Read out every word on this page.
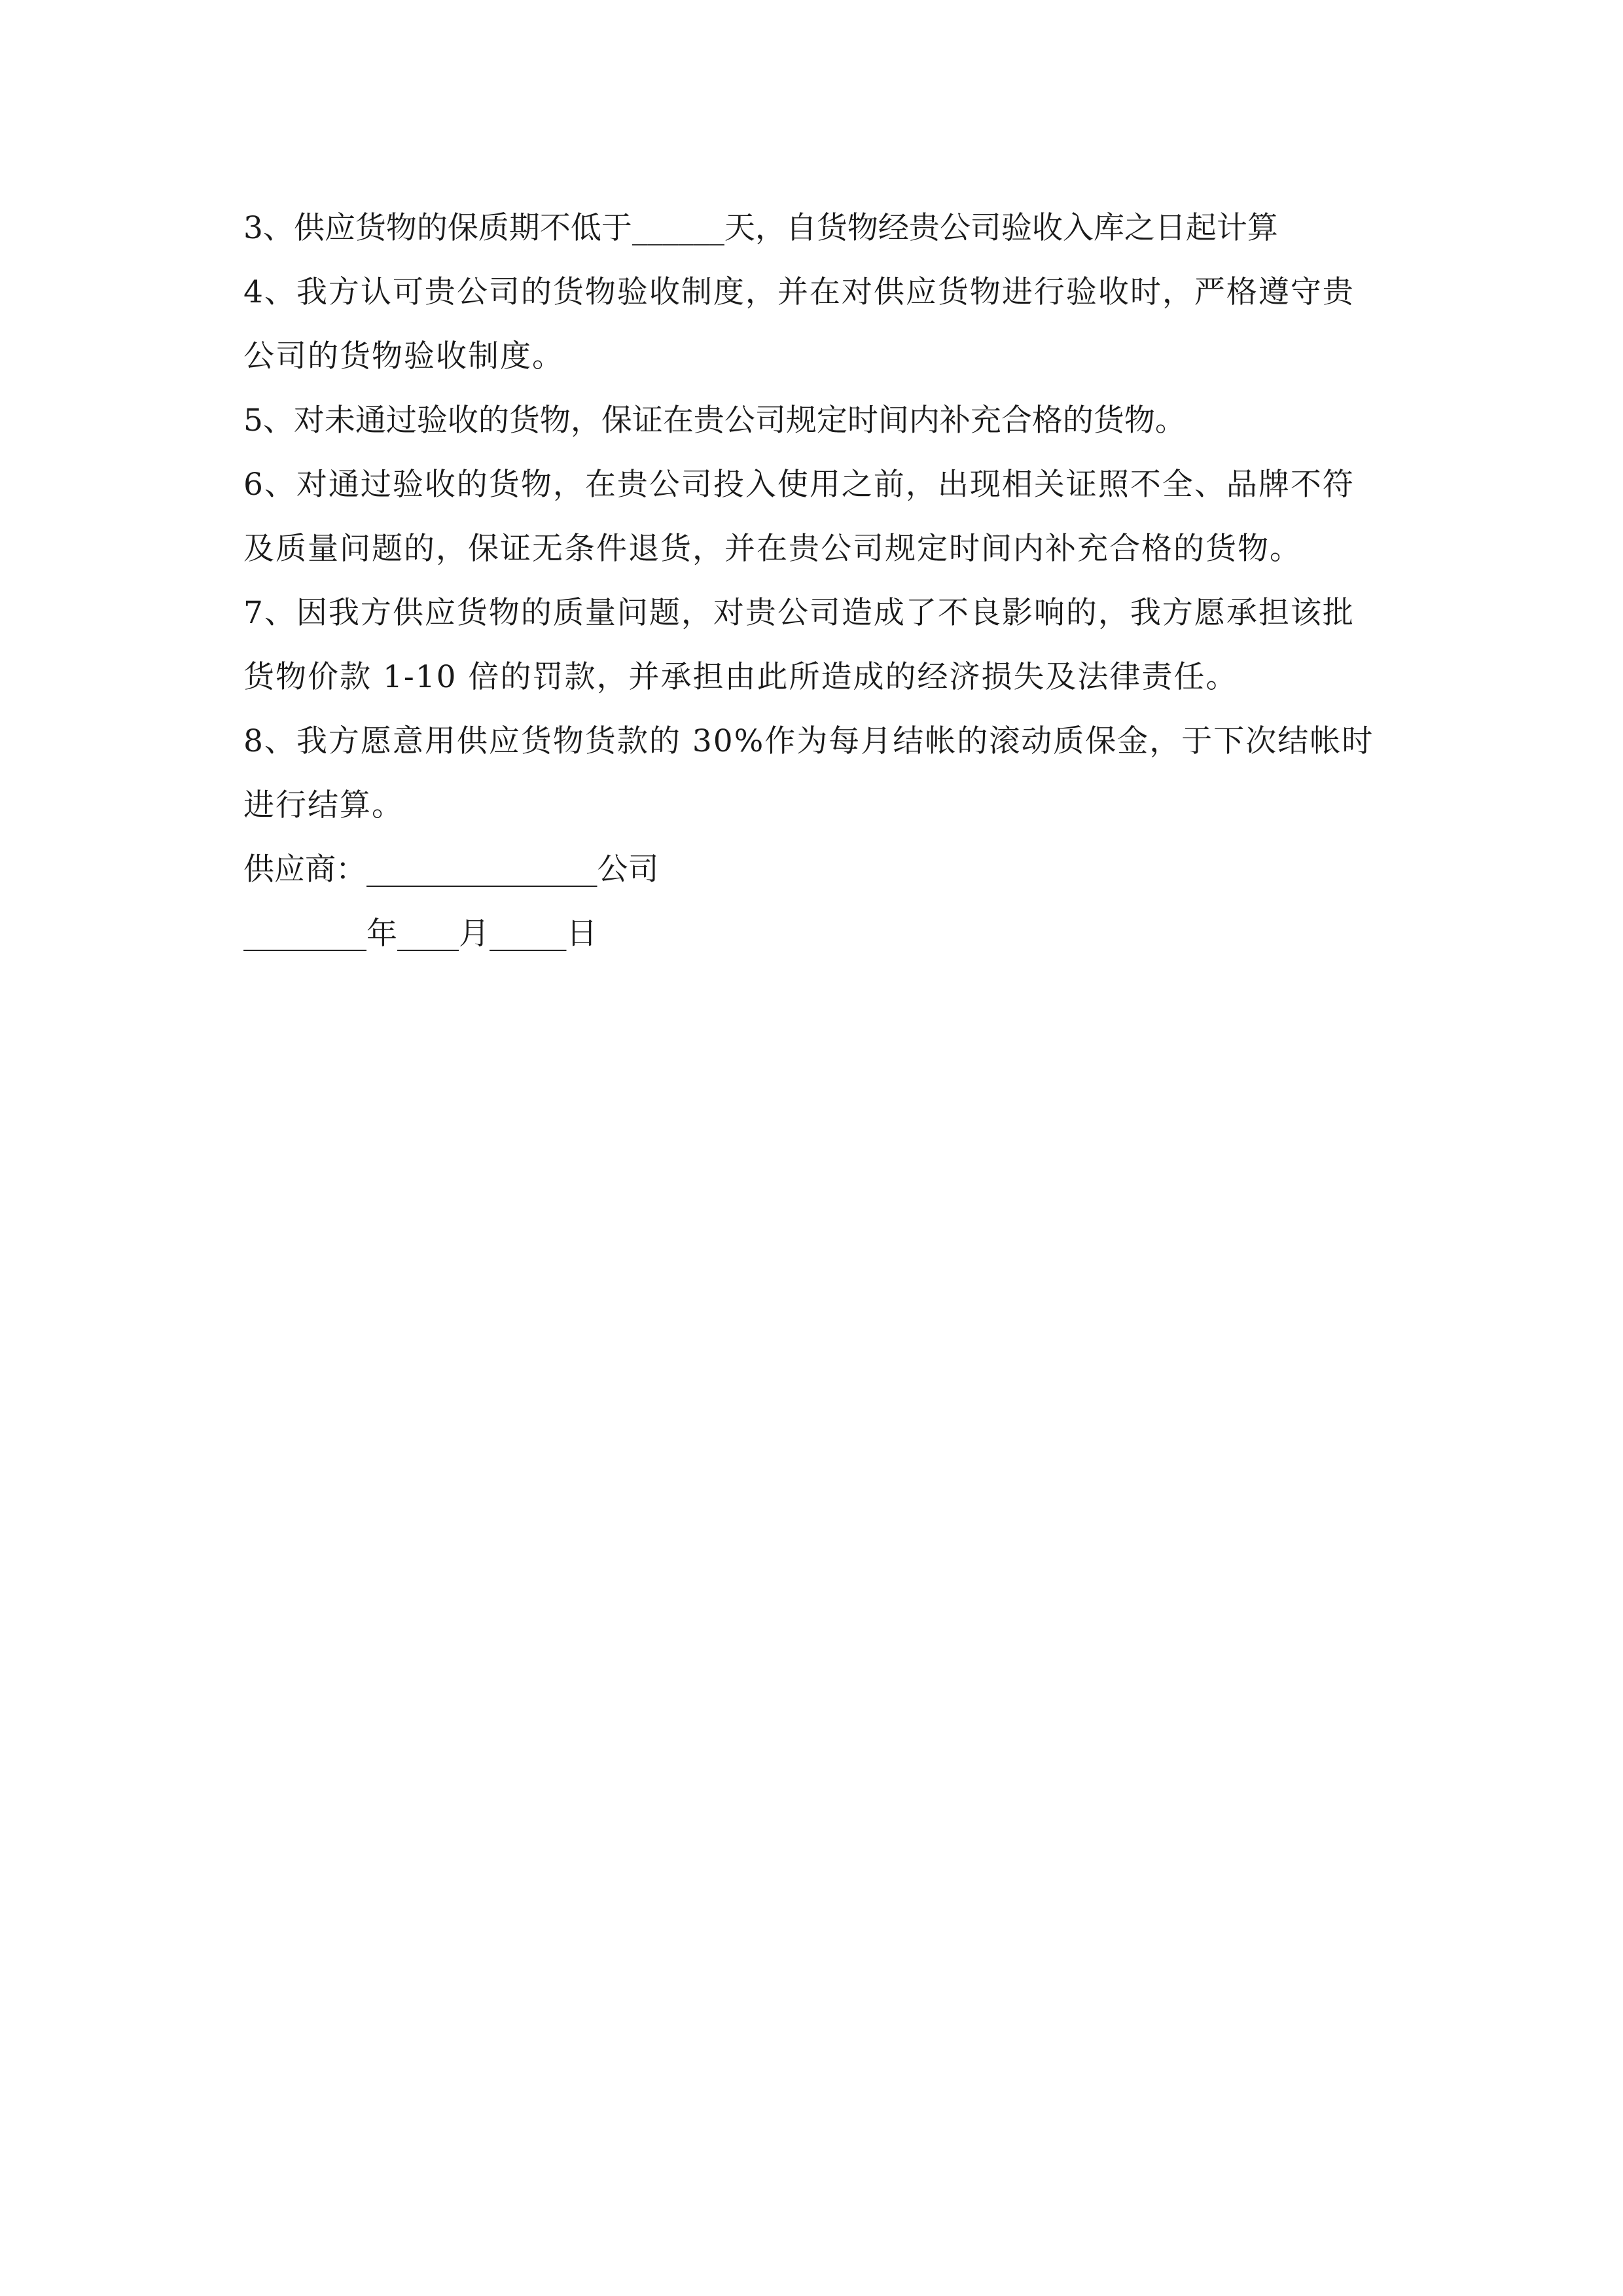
3、供应货物的保质期不低于______天，自货物经贵公司验收入库之日起计算

4、我方认可贵公司的货物验收制度，并在对供应货物进行验收时，严格遵守贵公司的货物验收制度。

5、对未通过验收的货物，保证在贵公司规定时间内补充合格的货物。

6、对通过验收的货物，在贵公司投入使用之前，出现相关证照不全、品牌不符及质量问题的，保证无条件退货，并在贵公司规定时间内补充合格的货物。

7、因我方供应货物的质量问题，对贵公司造成了不良影响的，我方愿承担该批货物价款 1-10 倍的罚款，并承担由此所造成的经济损失及法律责任。

8、我方愿意用供应货物货款的 30%作为每月结帐的滚动质保金，于下次结帐时进行结算。

供应商：_______________公司

________年____月_____日
